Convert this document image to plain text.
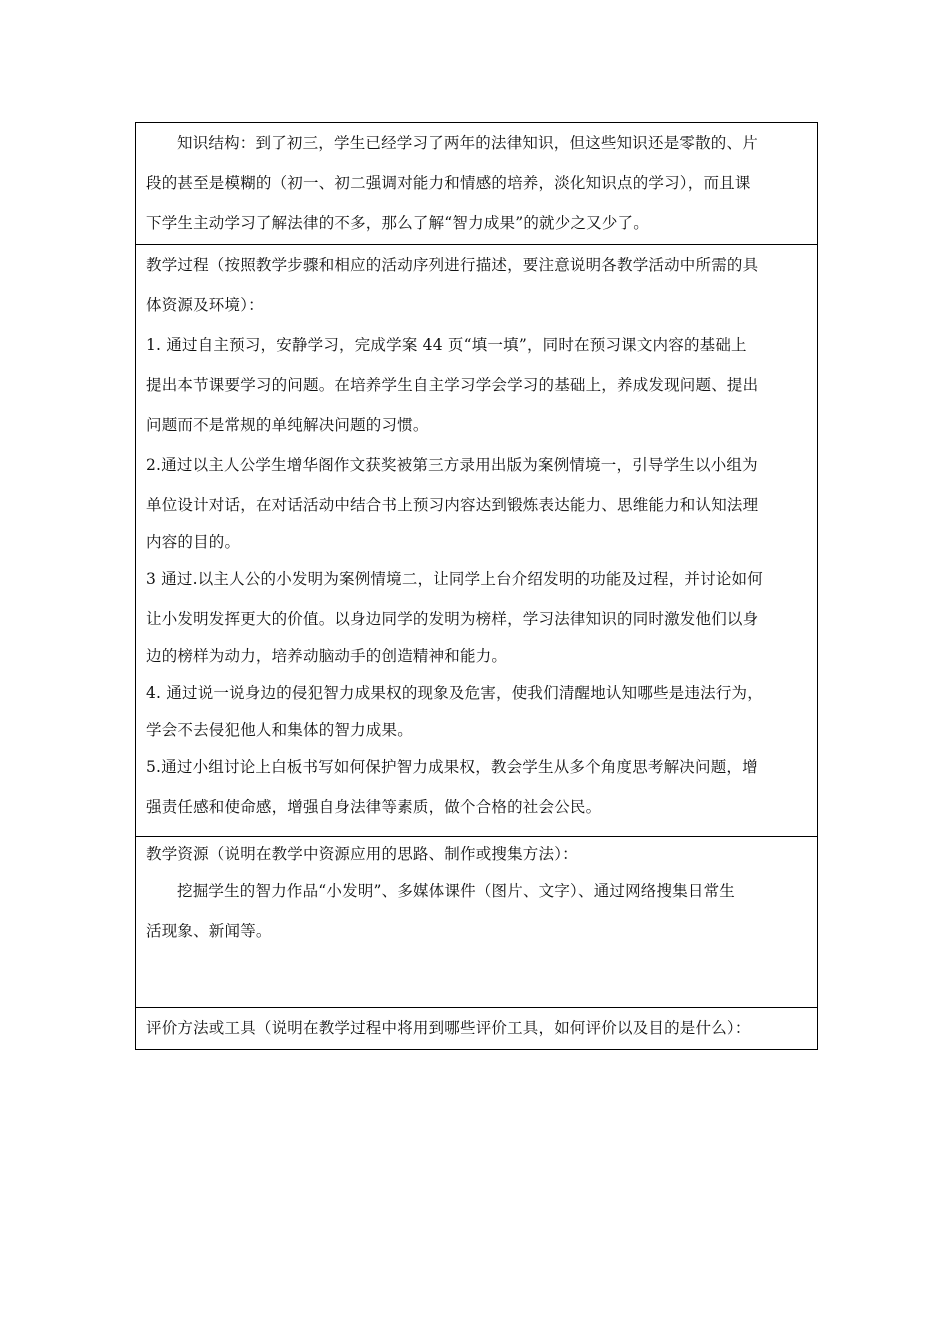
知识结构：到了初三，学生已经学习了两年的法律知识，但这些知识还是零散的、片
段的甚至是模糊的（初一、初二强调对能力和情感的培养，淡化知识点的学习），而且课
下学生主动学习了解法律的不多，那么了解“智力成果”的就少之又少了。
教学过程（按照教学步骤和相应的活动序列进行描述，要注意说明各教学活动中所需的具
体资源及环境）：
1. 通过自主预习，安静学习，完成学案 44 页“填一填”，同时在预习课文内容的基础上
提出本节课要学习的问题。在培养学生自主学习学会学习的基础上，养成发现问题、提出
问题而不是常规的单纯解决问题的习惯。
2.通过以主人公学生增华阁作文获奖被第三方录用出版为案例情境一，引导学生以小组为
单位设计对话，在对话活动中结合书上预习内容达到锻炼表达能力、思维能力和认知法理
内容的目的。
3 通过.以主人公的小发明为案例情境二，让同学上台介绍发明的功能及过程，并讨论如何
让小发明发挥更大的价值。以身边同学的发明为榜样，学习法律知识的同时激发他们以身
边的榜样为动力，培养动脑动手的创造精神和能力。
4. 通过说一说身边的侵犯智力成果权的现象及危害，使我们清醒地认知哪些是违法行为，
学会不去侵犯他人和集体的智力成果。
5.通过小组讨论上白板书写如何保护智力成果权，教会学生从多个角度思考解决问题，增
强责任感和使命感，增强自身法律等素质，做个合格的社会公民。
教学资源（说明在教学中资源应用的思路、制作或搜集方法）：
挖掘学生的智力作品“小发明”、多媒体课件（图片、文字）、通过网络搜集日常生
活现象、新闻等。
评价方法或工具（说明在教学过程中将用到哪些评价工具，如何评价以及目的是什么）：
